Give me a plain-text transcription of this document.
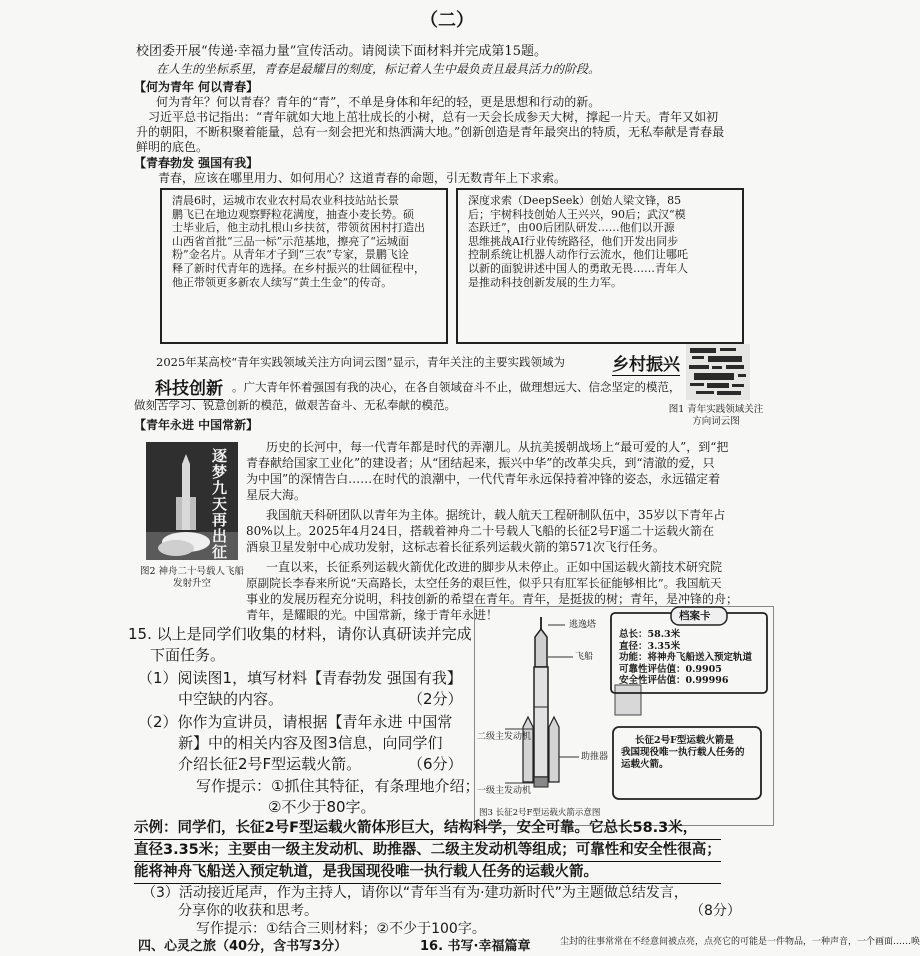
（二）
校团委开展“传递·幸福力量”宣传活动。请阅读下面材料并完成第15题。
在人生的坐标系里，青春是最耀目的刻度，标记着人生中最负责且最具活力的阶段。
【何为青年 何以青春】
何为青年？何以青春？青年的“青”，不单是身体和年纪的轻，更是思想和行动的新。
习近平总书记指出：“青年就如大地上茁壮成长的小树，总有一天会长成参天大树，撑起一片天。青年又如初
升的朝阳，不断积聚着能量，总有一刻会把光和热洒满大地。”创新创造是青年最突出的特质，无私奉献是青春最
鲜明的底色。
【青春勃发 强国有我】
青春，应该在哪里用力、如何用心？这道青春的命题，引无数青年上下求索。
清晨6时，运城市农业农村局农业科技站站长景
鹏飞已在地边观察野粒花满度，抽查小麦长势。硕
士毕业后，他主动扎根山乡扶贫，带领贫困村打造出
山西省首批“三品一标”示范基地，擦亮了“运城面
粉”金名片。从青年才子到“三农”专家，景鹏飞诠
释了新时代青年的选择。在乡村振兴的壮阔征程中，
他正带领更多新农人续写“黄土生金”的传奇。
深度求索（DeepSeek）创始人梁文锋，85
后；宇树科技创始人王兴兴，90后；武汉“模
态跃迁”，由00后团队研发……他们以开源
思维挑战AI行业传统路径，他们开发出同步
控制系统让机器人动作行云流水，他们让哪吒
以新的面貌讲述中国人的勇敢无畏……青年人
是推动科技创新发展的生力军。
2025年某高校“青年实践领域关注方向词云图”显示，青年关注的主要实践领域为	乡村振兴
科技创新 。广大青年怀着强国有我的决心，在各自领域奋斗不止，做理想远大、信念坚定的模范，
做刻苦学习、锐意创新的模范，做艰苦奋斗、无私奉献的模范。	图1 青年实践领域关注方向词云图
【青年永进 中国常新】
逐梦九天再出征
图2 神舟二十号载人飞船发射升空
历史的长河中，每一代青年都是时代的弄潮儿。从抗美援朝战场上“最可爱的人”，到“把
青春献给国家工业化”的建设者；从“团结起来，振兴中华”的改革尖兵，到“清澈的爱，只
为中国”的深情告白……在时代的浪潮中，一代代青年永远保持着冲锋的姿态，永远锚定着
星辰大海。
我国航天科研团队以青年为主体。据统计，载人航天工程研制队伍中，35岁以下青年占
80%以上。2025年4月24日，搭载着神舟二十号载人飞船的长征2号F遥二十运载火箭在
酒泉卫星发射中心成功发射，这标志着长征系列运载火箭的第571次飞行任务。
一直以来，长征系列运载火箭优化改进的脚步从未停止。正如中国运载火箭技术研究院
原副院长李春来所说“天高路长，太空任务的艰巨性，似乎只有肛军长征能够相比”。我国航天
事业的发展历程充分说明，科技创新的希望在青年。青年，是挺拔的树；青年，是冲锋的舟；
青年，是耀眼的光。中国常新，缘于青年永进！
15. 以上是同学们收集的材料，请你认真研读并完成
下面任务。
（1）阅读图1，填写材料【青春勃发 强国有我】
中空缺的内容。	（2分）
（2）你作为宣讲员，请根据【青年永进 中国常
新】中的相关内容及图3信息，向同学们
介绍长征2号F型运载火箭。	（6分）
写作提示：①抓住其特征，有条理地介绍；
②不少于80字。
逃逸塔
飞船
二级主发动机
助推器
一级主发动机
图3 长征2号F型运载火箭示意图
档案卡
总长：58.3米
直径：3.35米
功能：将神舟飞船送入预定轨道
可靠性评估值：0.9905
安全性评估值：0.99996
长征2号F型运载火箭是
我国现役唯一执行载人任务的
运载火箭。
示例：同学们，长征2号F型运载火箭体形巨大，结构科学，安全可靠。它总长58.3米，
直径3.35米；主要由一级主发动机、助推器、二级主发动机等组成；可靠性和安全性很高；
能将神舟飞船送入预定轨道，是我国现役唯一执行载人任务的运载火箭。
（3）活动接近尾声，作为主持人，请你以“青年当有为·建功新时代”为主题做总结发言，
分享你的收获和思考。	（8分）
写作提示：①结合三则材料；②不少于100字。
四、心灵之旅（40分，含书写3分）	16. 书写·幸福篇章	尘封的往事常常在不经意间被点亮，点亮它的可能是一件物品，一种声音，一个画面……唤
